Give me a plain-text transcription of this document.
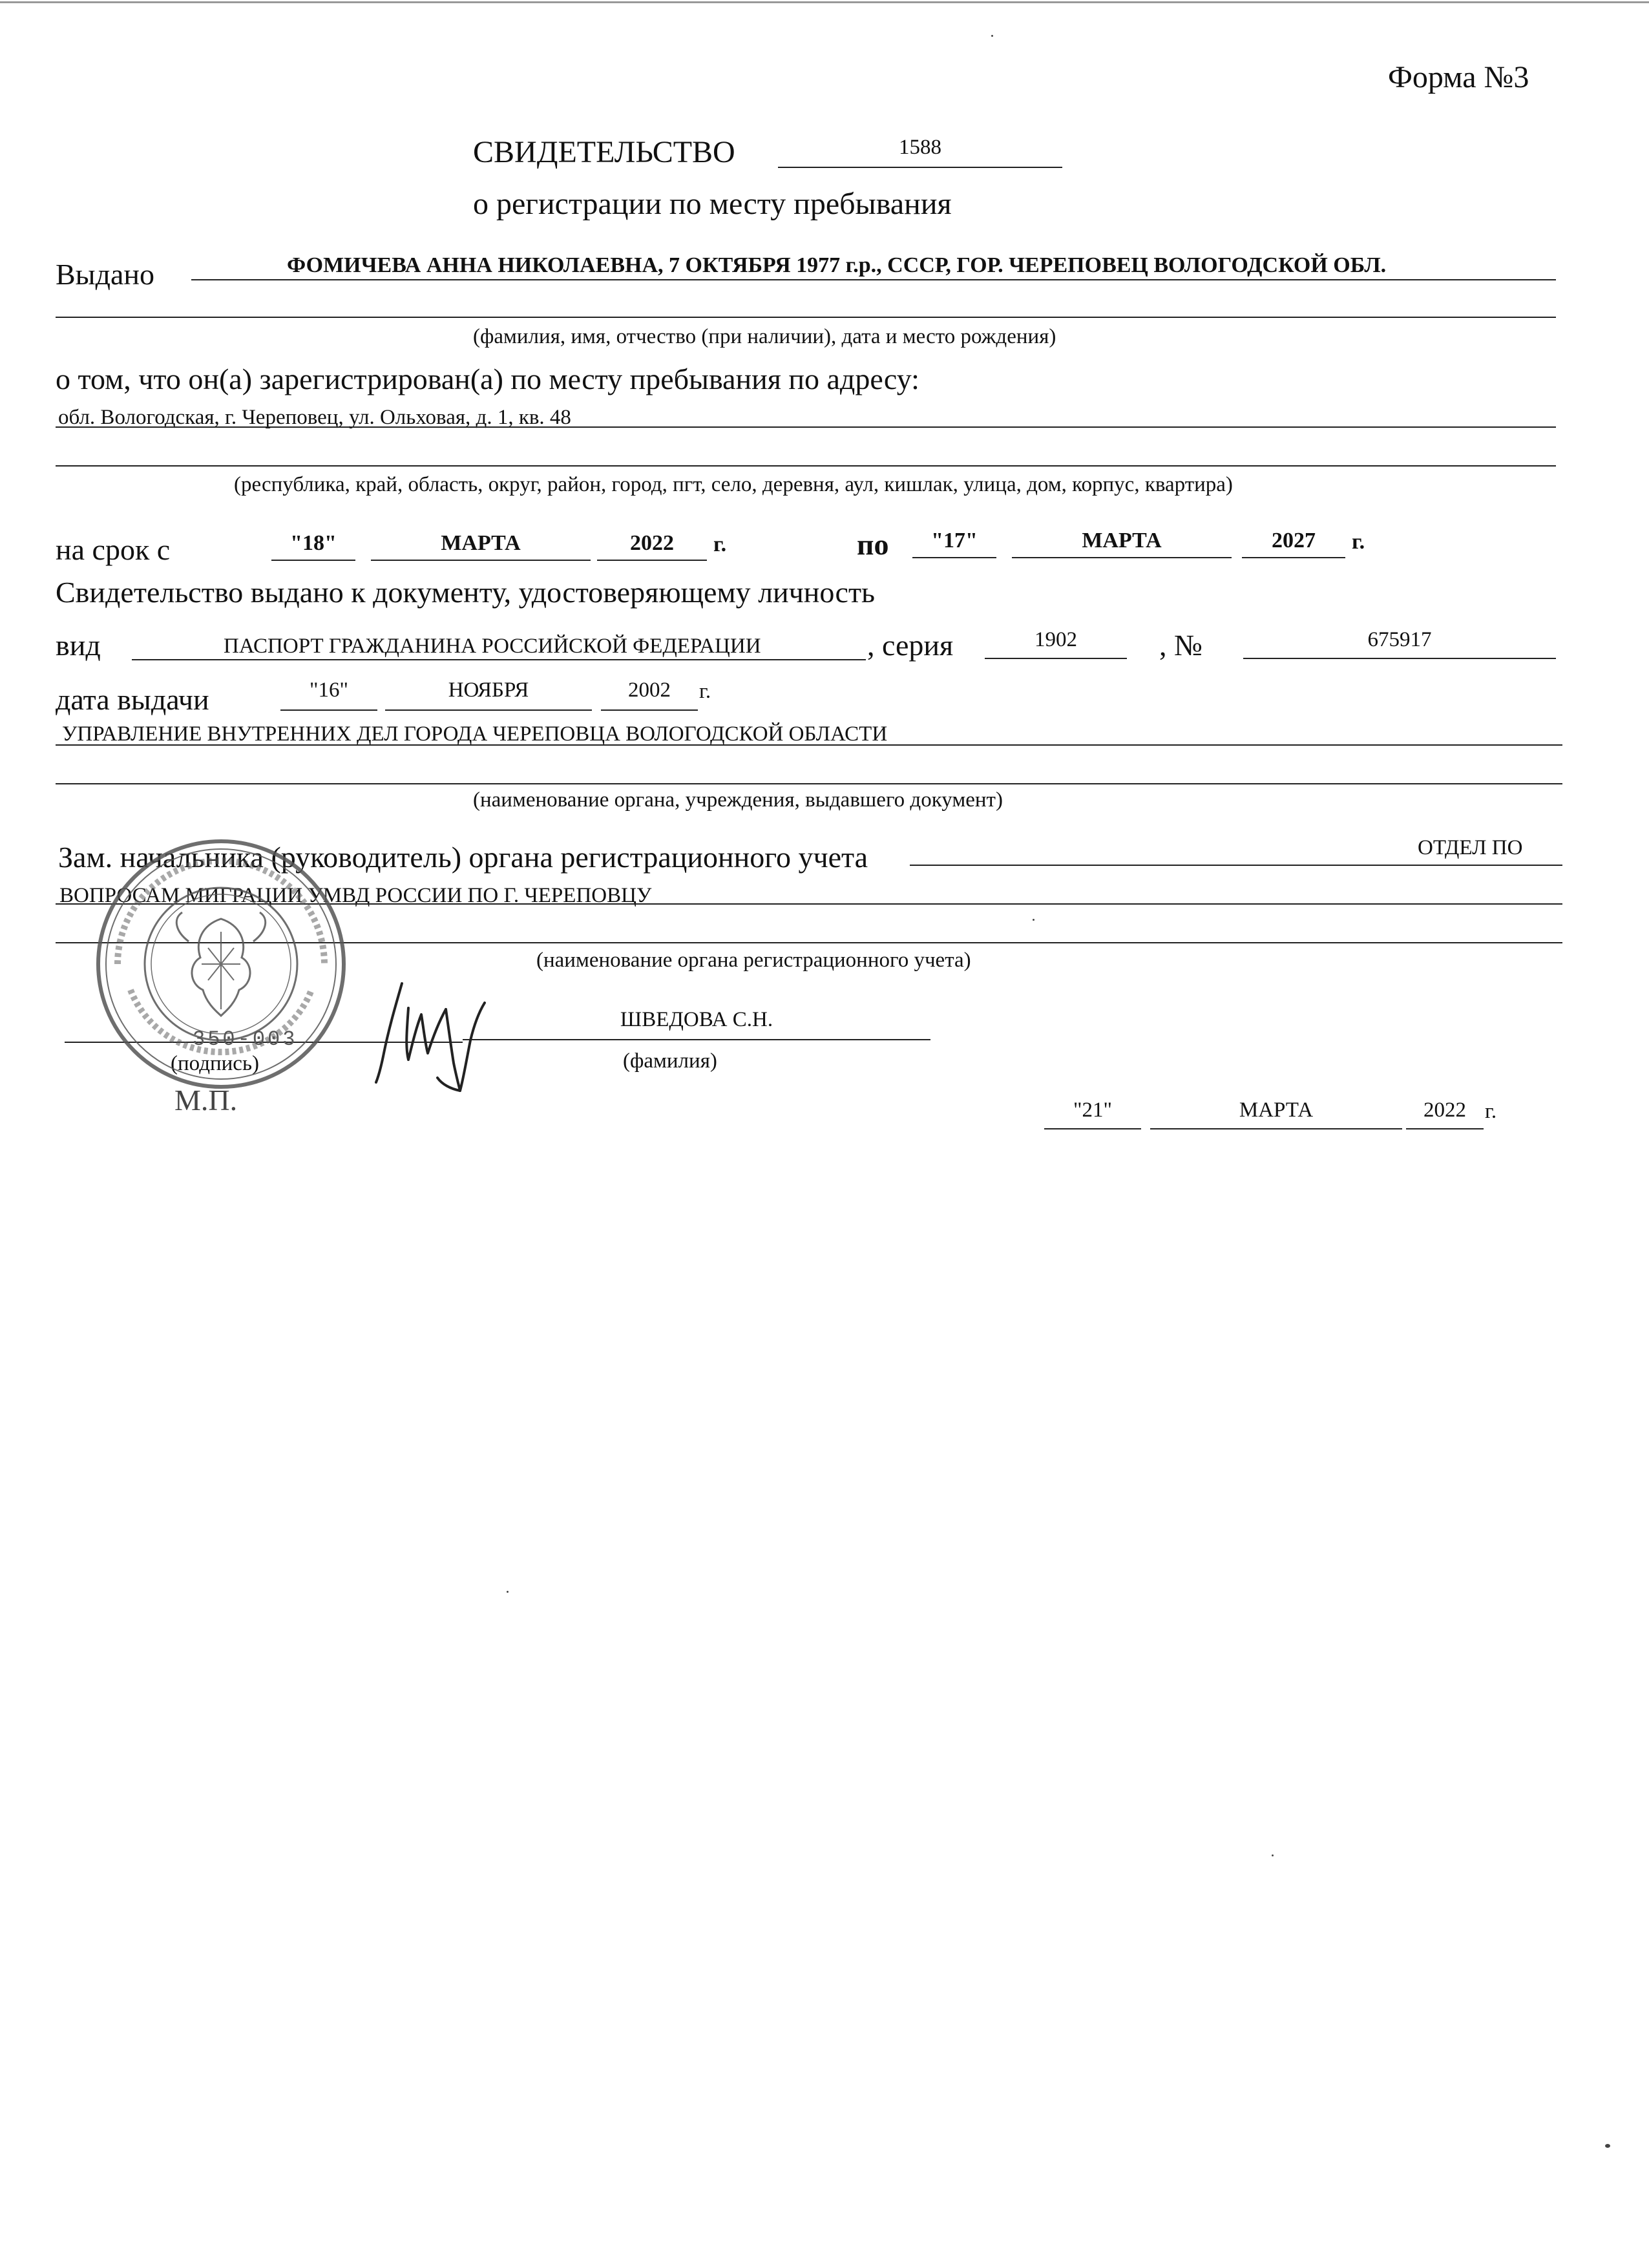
Форма №3
СВИДЕТЕЛЬСТВО	1588
о регистрации по месту пребывания
Выдано	ФОМИЧЕВА АННА НИКОЛАЕВНА, 7 ОКТЯБРЯ 1977 г.р., СССР, ГОР. ЧЕРЕПОВЕЦ ВОЛОГОДСКОЙ ОБЛ.
(фамилия, имя, отчество (при наличии), дата и место рождения)
о том, что он(а) зарегистрирован(а) по месту пребывания по адресу:
обл. Вологодская, г. Череповец, ул. Ольховая, д. 1, кв. 48
(республика, край, область, округ, район, город, пгт, село, деревня, аул, кишлак, улица, дом, корпус, квартира)
на срок с	"18"	МАРТА	2022	г.	по	"17"	МАРТА	2027	г.
Свидетельство выдано к документу, удостоверяющему личность
вид	ПАСПОРТ ГРАЖДАНИНА РОССИЙСКОЙ ФЕДЕРАЦИИ	, серия	1902	, №	675917
дата выдачи	"16"	НОЯБРЯ	2002	г.
УПРАВЛЕНИЕ ВНУТРЕННИХ ДЕЛ ГОРОДА ЧЕРЕПОВЦА ВОЛОГОДСКОЙ ОБЛАСТИ
(наименование органа, учреждения, выдавшего документ)
Зам. начальника (руководитель) органа регистрационного учета	ОТДЕЛ ПО
ВОПРОСАМ МИГРАЦИИ УМВД РОССИИ ПО Г. ЧЕРЕПОВЦУ
(наименование органа регистрационного учета)
ШВЕДОВА С.Н.
(подпись)	(фамилия)
М.П.	"21"	МАРТА	2022 г.
350-003
